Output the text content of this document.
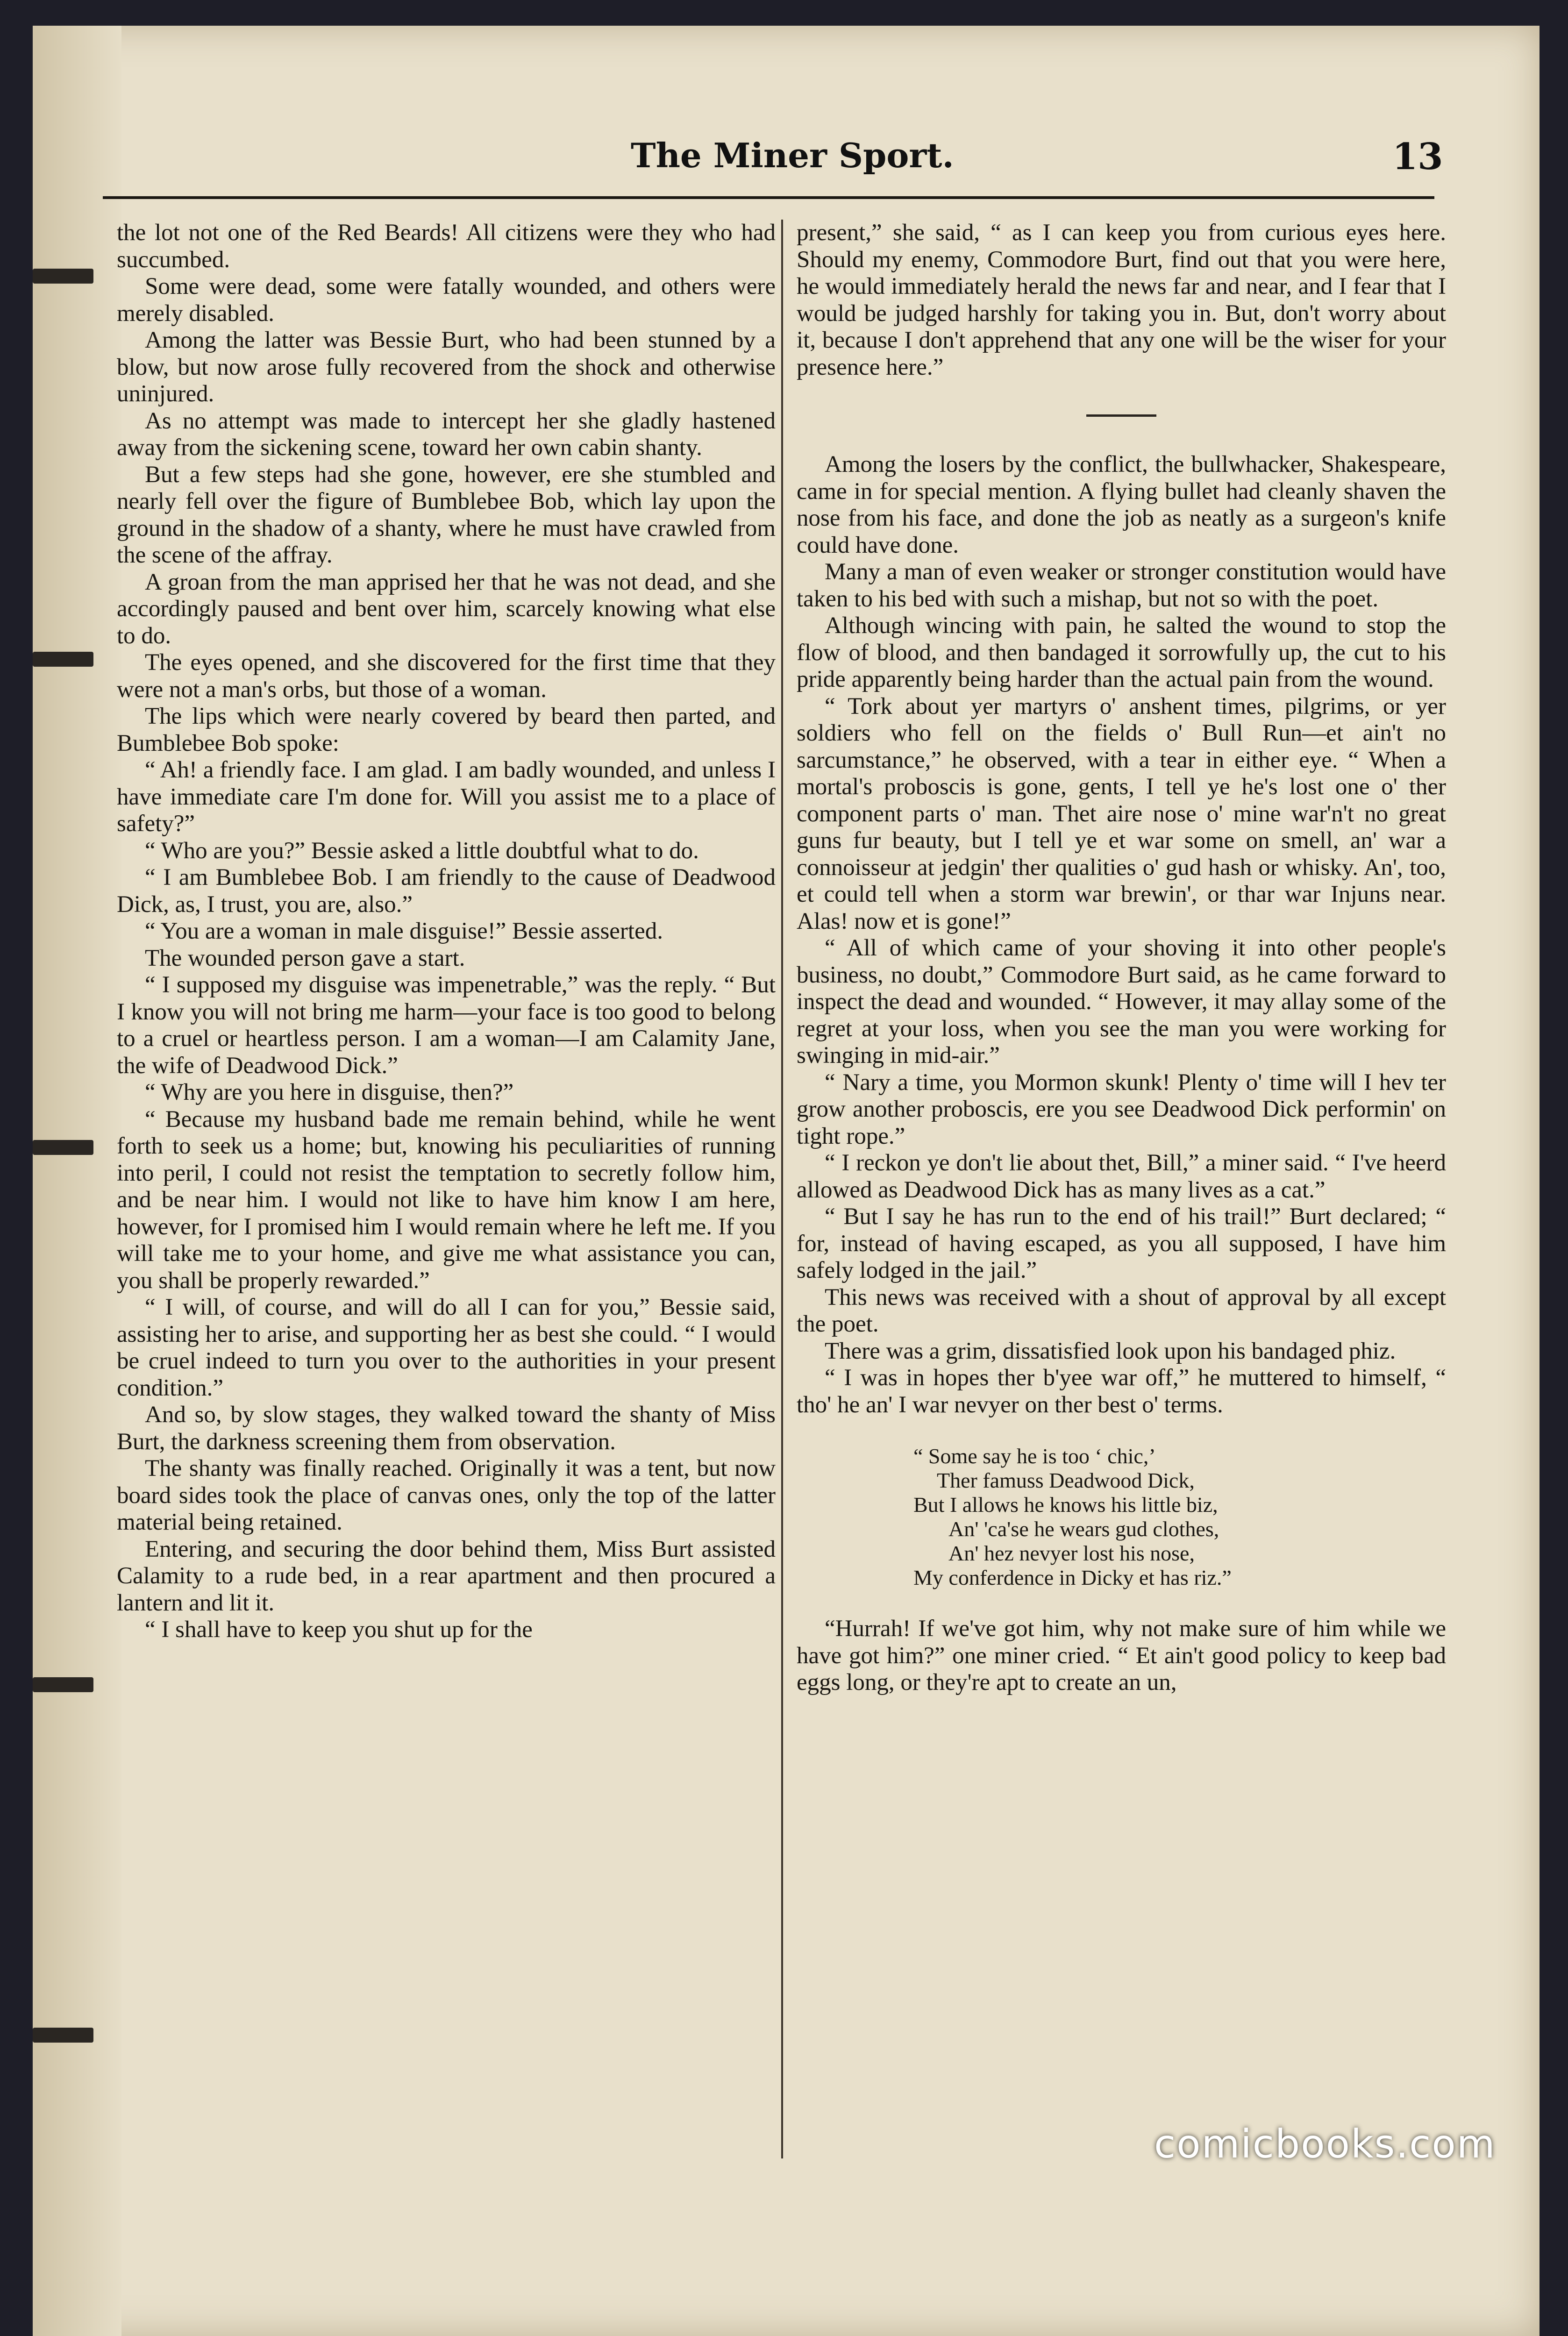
The Miner Sport.	13

the lot not one of the Red Beards! All citizens were they who had succumbed.

Some were dead, some were fatally wounded, and others were merely disabled.

Among the latter was Bessie Burt, who had been stunned by a blow, but now arose fully recovered from the shock and otherwise uninjured.

As no attempt was made to intercept her she gladly hastened away from the sickening scene, toward her own cabin shanty.

But a few steps had she gone, however, ere she stumbled and nearly fell over the figure of Bumblebee Bob, which lay upon the ground in the shadow of a shanty, where he must have crawled from the scene of the affray.

A groan from the man apprised her that he was not dead, and she accordingly paused and bent over him, scarcely knowing what else to do.

The eyes opened, and she discovered for the first time that they were not a man's orbs, but those of a woman.

The lips which were nearly covered by beard then parted, and Bumblebee Bob spoke:

“ Ah! a friendly face. I am glad. I am badly wounded, and unless I have immediate care I'm done for. Will you assist me to a place of safety?”

“ Who are you?” Bessie asked a little doubtful what to do.

“ I am Bumblebee Bob. I am friendly to the cause of Deadwood Dick, as, I trust, you are, also.”

“ You are a woman in male disguise!” Bessie asserted.

The wounded person gave a start.

“ I supposed my disguise was impenetrable,” was the reply. “ But I know you will not bring me harm—your face is too good to belong to a cruel or heartless person. I am a woman—I am Calamity Jane, the wife of Deadwood Dick.”

“ Why are you here in disguise, then?”

“ Because my husband bade me remain behind, while he went forth to seek us a home; but, knowing his peculiarities of running into peril, I could not resist the temptation to secretly follow him, and be near him. I would not like to have him know I am here, however, for I promised him I would remain where he left me. If you will take me to your home, and give me what assistance you can, you shall be properly rewarded.”

“ I will, of course, and will do all I can for you,” Bessie said, assisting her to arise, and supporting her as best she could. “ I would be cruel indeed to turn you over to the authorities in your present condition.”

And so, by slow stages, they walked toward the shanty of Miss Burt, the darkness screening them from observation.

The shanty was finally reached. Originally it was a tent, but now board sides took the place of canvas ones, only the top of the latter material being retained.

Entering, and securing the door behind them, Miss Burt assisted Calamity to a rude bed, in a rear apartment and then procured a lantern and lit it.

“ I shall have to keep you shut up for the

present,” she said, “ as I can keep you from curious eyes here. Should my enemy, Commodore Burt, find out that you were here, he would immediately herald the news far and near, and I fear that I would be judged harshly for taking you in. But, don't worry about it, because I don't apprehend that any one will be the wiser for your presence here.”

Among the losers by the conflict, the bullwhacker, Shakespeare, came in for special mention. A flying bullet had cleanly shaven the nose from his face, and done the job as neatly as a surgeon's knife could have done.

Many a man of even weaker or stronger constitution would have taken to his bed with such a mishap, but not so with the poet.

Although wincing with pain, he salted the wound to stop the flow of blood, and then bandaged it sorrowfully up, the cut to his pride apparently being harder than the actual pain from the wound.

“ Tork about yer martyrs o' anshent times, pilgrims, or yer soldiers who fell on the fields o' Bull Run—et ain't no sarcumstance,” he observed, with a tear in either eye. “ When a mortal's proboscis is gone, gents, I tell ye he's lost one o' ther component parts o' man. Thet aire nose o' mine war'n't no great guns fur beauty, but I tell ye et war some on smell, an' war a connoisseur at jedgin' ther qualities o' gud hash or whisky. An', too, et could tell when a storm war brewin', or thar war Injuns near. Alas! now et is gone!”

“ All of which came of your shoving it into other people's business, no doubt,” Commodore Burt said, as he came forward to inspect the dead and wounded. “ However, it may allay some of the regret at your loss, when you see the man you were working for swinging in mid-air.”

“ Nary a time, you Mormon skunk! Plenty o' time will I hev ter grow another proboscis, ere you see Deadwood Dick performin' on tight rope.”

“ I reckon ye don't lie about thet, Bill,” a miner said. “ I've heerd allowed as Deadwood Dick has as many lives as a cat.”

“ But I say he has run to the end of his trail!” Burt declared; “ for, instead of having escaped, as you all supposed, I have him safely lodged in the jail.”

This news was received with a shout of approval by all except the poet.

There was a grim, dissatisfied look upon his bandaged phiz.

“ I was in hopes ther b'yee war off,” he muttered to himself, “ tho' he an' I war nevyer on ther best o' terms.

“ Some say he is too ‘ chic,’
Ther famuss Deadwood Dick,
But I allows he knows his little biz,
An' 'ca'se he wears gud clothes,
An' hez nevyer lost his nose,
My conferdence in Dicky et has riz.”

“Hurrah! If we've got him, why not make sure of him while we have got him?” one miner cried. “ Et ain't good policy to keep bad eggs long, or they're apt to create an un,

comicbooks.com
